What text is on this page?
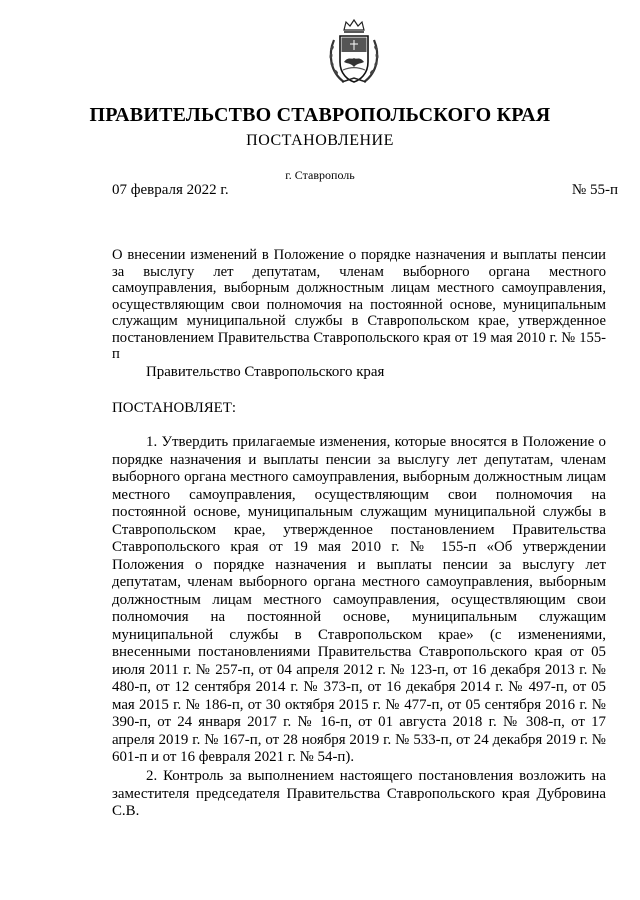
ПРАВИТЕЛЬСТВО СТАВРОПОЛЬСКОГО КРАЯ
ПОСТАНОВЛЕНИЕ
г. Ставрополь
07 февраля 2022 г.	№ 55-п
О внесении изменений в Положение о порядке назначения и выплаты пенсии за выслугу лет депутатам, членам выборного органа местного самоуправления, выборным должностным лицам местного самоуправления, осуществляющим свои полномочия на постоянной основе, муниципальным служащим муниципальной службы в Ставропольском крае, утвержденное постановлением Правительства Ставропольского края от 19 мая 2010 г. № 155-п
Правительство Ставропольского края
ПОСТАНОВЛЯЕТ:
1. Утвердить прилагаемые изменения, которые вносятся в Положение о порядке назначения и выплаты пенсии за выслугу лет депутатам, членам выборного органа местного самоуправления, выборным должностным лицам местного самоуправления, осуществляющим свои полномочия на постоянной основе, муниципальным служащим муниципальной службы в Ставропольском крае, утвержденное постановлением Правительства Ставропольского края от 19 мая 2010 г. № 155-п «Об утверждении Положения о порядке назначения и выплаты пенсии за выслугу лет депутатам, членам выборного органа местного самоуправления, выборным должностным лицам местного самоуправления, осуществляющим свои полномочия на постоянной основе, муниципальным служащим муниципальной службы в Ставропольском крае» (с изменениями, внесенными постановлениями Правительства Ставропольского края от 05 июля 2011 г. № 257-п, от 04 апреля 2012 г. № 123-п, от 16 декабря 2013 г. № 480-п, от 12 сентября 2014 г. № 373-п, от 16 декабря 2014 г. № 497-п, от 05 мая 2015 г. № 186-п, от 30 октября 2015 г. № 477-п, от 05 сентября 2016 г. № 390-п, от 24 января 2017 г. № 16-п, от 01 августа 2018 г. № 308-п, от 17 апреля 2019 г. № 167-п, от 28 ноября 2019 г. № 533-п, от 24 декабря 2019 г. № 601-п и от 16 февраля 2021 г. № 54-п).
2. Контроль за выполнением настоящего постановления возложить на заместителя председателя Правительства Ставропольского края Дубровина С.В.
